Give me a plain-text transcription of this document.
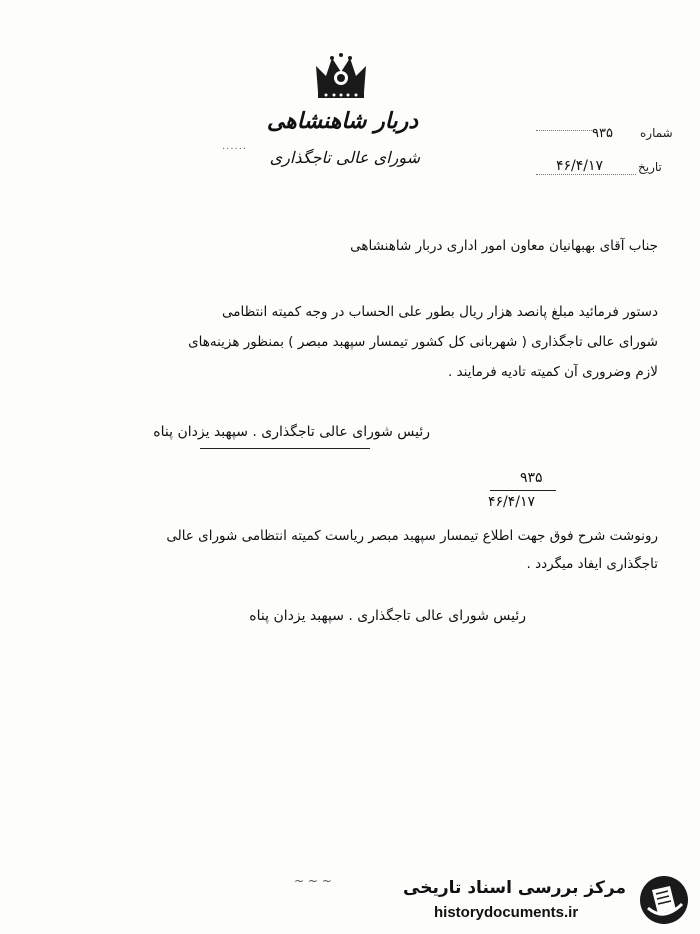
دربار شاهنشاهی
شورای عالی تاجگذاری
······
شماره
۹۳۵
تاریخ
۴۶/۴/۱۷
جناب آقای بهبهانیان معاون امور اداری دربار شاهنشاهی
دستور فرمائید مبلغ پانصد هزار ریال بطور علی الحساب در وجه کمیته انتظامی
شورای عالی تاجگذاری ( شهربانی کل کشور تیمسار سپهبد مبصر ) بمنظور هزینه‌های
لازم وضروری آن کمیته تادیه فرمایند .
رئیس شورای عالی تاجگذاری . سپهبد یزدان پناه
۹۳۵
۴۶/۴/۱۷
رونوشت شرح فوق جهت اطلاع تیمسار سپهبد مبصر ریاست کمیته انتظامی شورای عالی
تاجگذاری ایفاد میگردد .
رئیس شورای عالی تاجگذاری . سپهبد یزدان پناه
~ ~ ~	مرکز بررسی اسناد تاریخی
historydocuments.ir
